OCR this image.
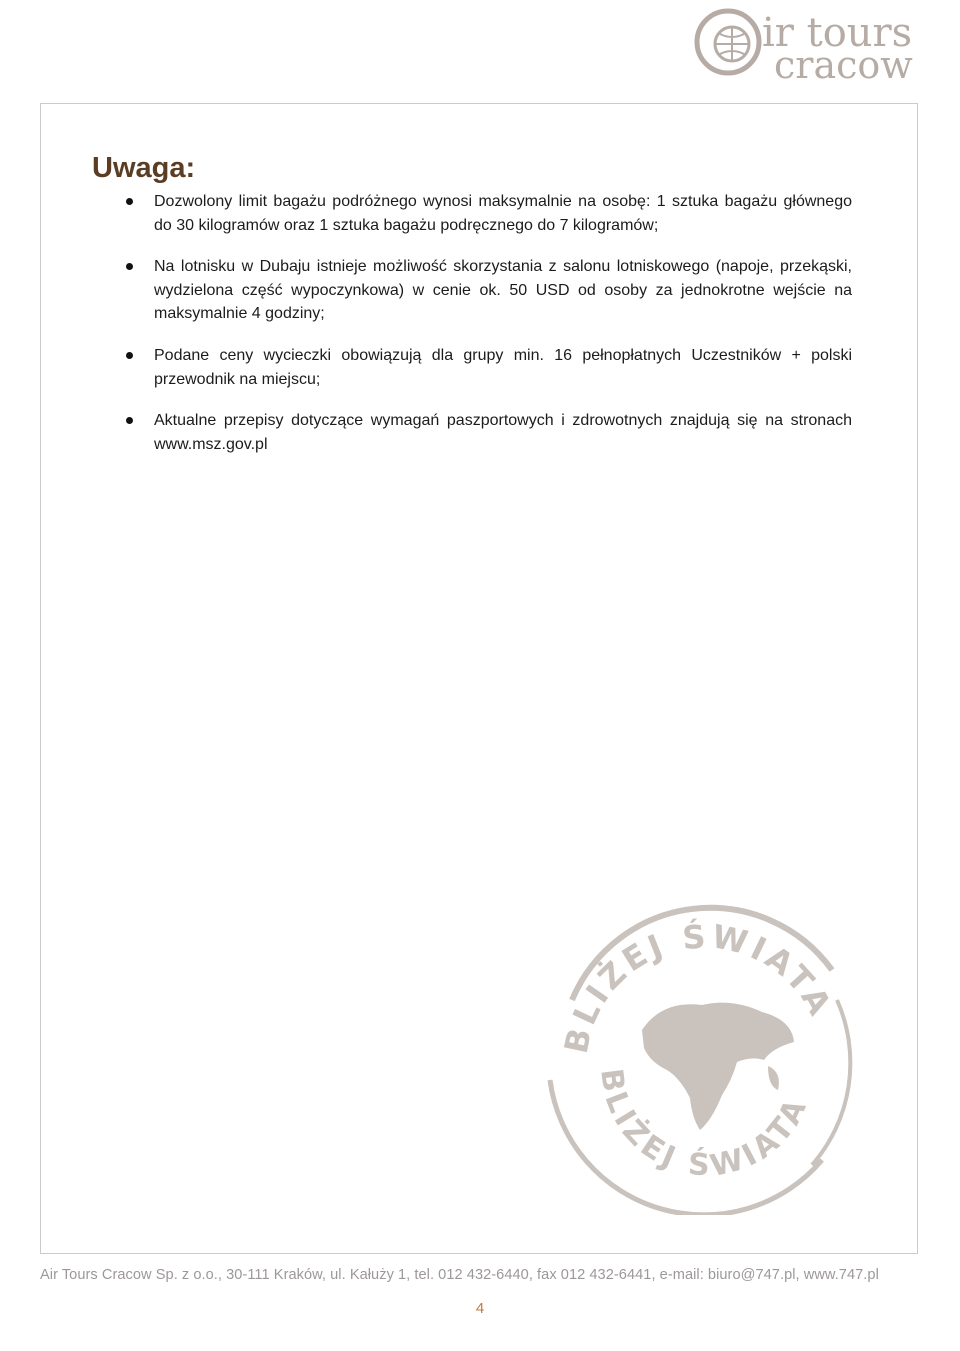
ir tours
cracow
Uwaga:
Dozwolony limit bagażu podróżnego wynosi maksymalnie na osobę: 1 sztuka bagażu głównego do 30 kilogramów oraz 1 sztuka bagażu podręcznego do 7 kilogramów;
Na lotnisku w Dubaju istnieje możliwość skorzystania z salonu lotniskowego (napoje, przekąski, wydzielona część wypoczynkowa) w cenie ok. 50 USD od osoby za jednokrotne wejście na maksymalnie 4 godziny;
Podane ceny wycieczki obowiązują dla grupy min. 16 pełnopłatnych Uczestników + polski przewodnik na miejscu;
Aktualne przepisy dotyczące wymagań paszportowych i zdrowotnych znajdują się na stronach www.msz.gov.pl
BLIŻEJ ŚWIATA
BLIŻEJ ŚWIATA
Air Tours Cracow Sp. z o.o., 30-111 Kraków, ul. Kałuży 1, tel. 012 432-6440, fax 012 432-6441, e-mail: biuro@747.pl, www.747.pl
4
